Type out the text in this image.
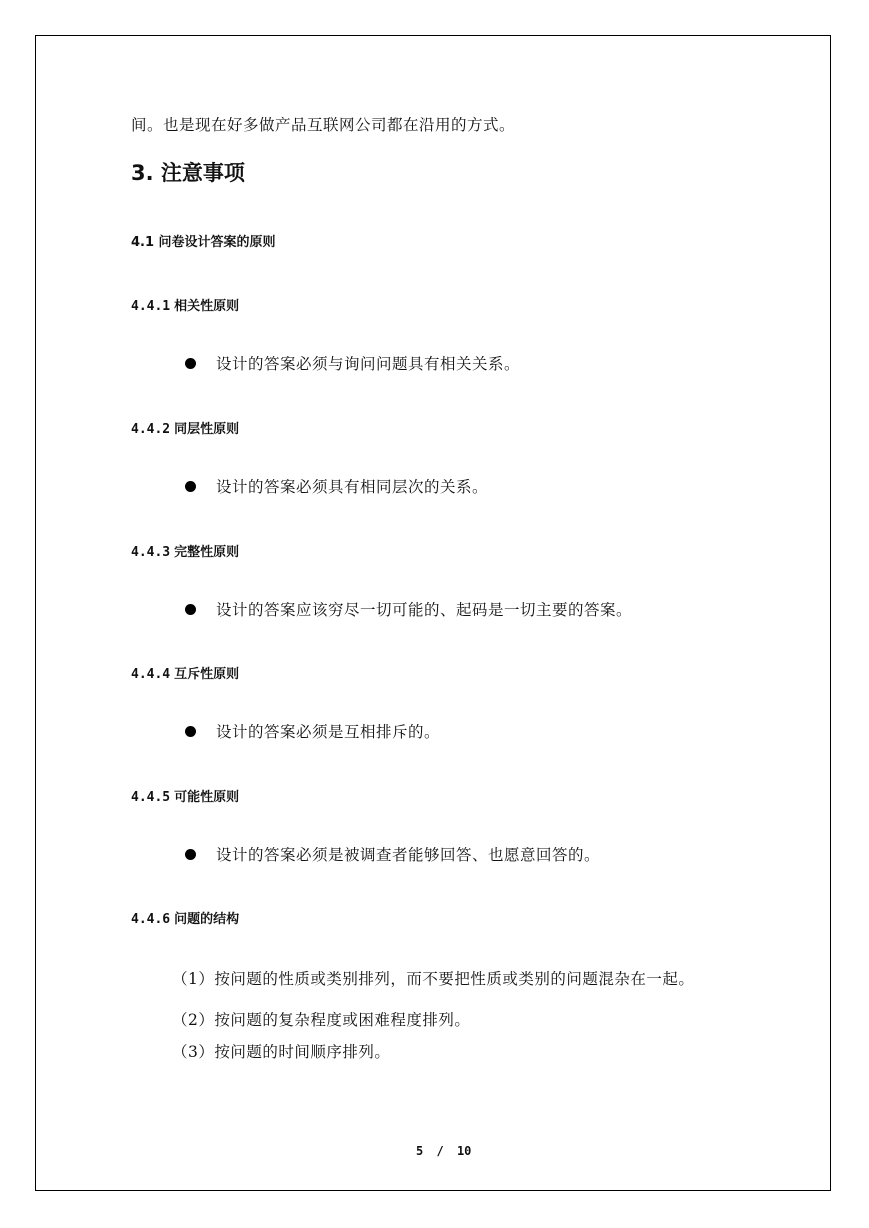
间。也是现在好多做产品互联网公司都在沿用的方式。
3. 注意事项
4.1 问卷设计答案的原则
4.4.1 相关性原则
设计的答案必须与询问问题具有相关关系。
4.4.2 同层性原则
设计的答案必须具有相同层次的关系。
4.4.3 完整性原则
设计的答案应该穷尽一切可能的、起码是一切主要的答案。
4.4.4 互斥性原则
设计的答案必须是互相排斥的。
4.4.5 可能性原则
设计的答案必须是被调查者能够回答、也愿意回答的。
4.4.6 问题的结构
（1）按问题的性质或类别排列，而不要把性质或类别的问题混杂在一起。
（2）按问题的复杂程度或困难程度排列。
（3）按问题的时间顺序排列。
5 / 10
